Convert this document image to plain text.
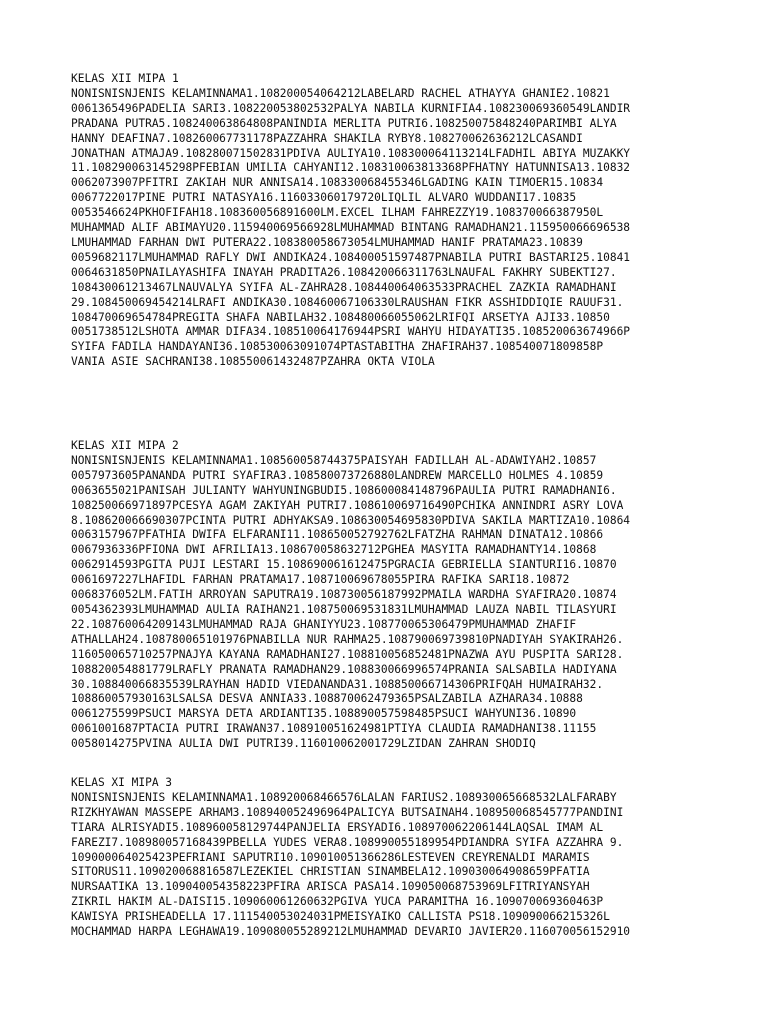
KELAS XII MIPA 1
NONISNISNJENIS KELAMINNAMA1.108200054064212LABELARD RACHEL ATHAYYA GHANIE2.10821
0061365496PADELIA SARI3.108220053802532PALYA NABILA KURNIFIA4.108230069360549LANDIR
PRADANA PUTRA5.108240063864808PANINDIA MERLITA PUTRI6.108250075848240PARIMBI ALYA
HANNY DEAFINA7.108260067731178PAZZAHRA SHAKILA RYBY8.108270062636212LCASANDI
JONATHAN ATMAJA9.108280071502831PDIVA AULIYA10.108300064113214LFADHIL ABIYA MUZAKKY
11.108290063145298PFEBIAN UMILIA CAHYANI12.108310063813368PFHATNY HATUNNISA13.10832
0062073907PFITRI ZAKIAH NUR ANNISA14.108330068455346LGADING KAIN TIMOER15.10834
0067722017PINE PUTRI NATASYA16.116033060179720LIQLIL ALVARO WUDDANI17.10835
0053546624PKHOFIFAH18.108360056891600LM.EXCEL ILHAM FAHREZZY19.108370066387950L
MUHAMMAD ALIF ABIMAYU20.115940069566928LMUHAMMAD BINTANG RAMADHAN21.115950066696538
LMUHAMMAD FARHAN DWI PUTERA22.108380058673054LMUHAMMAD HANIF PRATAMA23.10839
0059682117LMUHAMMAD RAFLY DWI ANDIKA24.108400051597487PNABILA PUTRI BASTARI25.10841
0064631850PNAILAYASHIFA INAYAH PRADITA26.108420066311763LNAUFAL FAKHRY SUBEKTI27.
108430061213467LNAUVALYA SYIFA AL-ZAHRA28.108440064063533PRACHEL ZAZKIA RAMADHANI
29.108450069454214LRAFI ANDIKA30.108460067106330LRAUSHAN FIKR ASSHIDDIQIE RAUUF31.
108470069654784PREGITA SHAFA NABILAH32.108480066055062LRIFQI ARSETYA AJI33.10850
0051738512LSHOTA AMMAR DIFA34.108510064176944PSRI WAHYU HIDAYATI35.108520063674966P
SYIFA FADILA HANDAYANI36.108530063091074PTASTABITHA ZHAFIRAH37.108540071809858P
VANIA ASIE SACHRANI38.108550061432487PZAHRA OKTA VIOLA
KELAS XII MIPA 2
NONISNISNJENIS KELAMINNAMA1.108560058744375PAISYAH FADILLAH AL-ADAWIYAH2.10857
0057973605PANANDA PUTRI SYAFIRA3.108580073726880LANDREW MARCELLO HOLMES 4.10859
0063655021PANISAH JULIANTY WAHYUNINGBUDI5.108600084148796PAULIA PUTRI RAMADHANI6.
108250066971897PCESYA AGAM ZAKIYAH PUTRI7.108610069716490PCHIKA ANNINDRI ASRY LOVA
8.108620066690307PCINTA PUTRI ADHYAKSA9.108630054695830PDIVA SAKILA MARTIZA10.10864
0063157967PFATHIA DWIFA ELFARANI11.108650052792762LFATZHA RAHMAN DINATA12.10866
0067936336PFIONA DWI AFRILIA13.108670058632712PGHEA MASYITA RAMADHANTY14.10868
0062914593PGITA PUJI LESTARI 15.108690061612475PGRACIA GEBRIELLA SIANTURI16.10870
0061697227LHAFIDL FARHAN PRATAMA17.108710069678055PIRA RAFIKA SARI18.10872
0068376052LM.FATIH ARROYAN SAPUTRA19.108730056187992PMAILA WARDHA SYAFIRA20.10874
0054362393LMUHAMMAD AULIA RAIHAN21.108750069531831LMUHAMMAD LAUZA NABIL TILASYURI
22.108760064209143LMUHAMMAD RAJA GHANIYYU23.108770065306479PMUHAMMAD ZHAFIF
ATHALLAH24.108780065101976PNABILLA NUR RAHMA25.108790069739810PNADIYAH SYAKIRAH26.
116050065710257PNAJYA KAYANA RAMADHANI27.108810056852481PNAZWA AYU PUSPITA SARI28.
108820054881779LRAFLY PRANATA RAMADHAN29.108830066996574PRANIA SALSABILA HADIYANA
30.108840066835539LRAYHAN HADID VIEDANANDA31.108850066714306PRIFQAH HUMAIRAH32.
108860057930163LSALSA DESVA ANNIA33.108870062479365PSALZABILA AZHARA34.10888
0061275599PSUCI MARSYA DETA ARDIANTI35.108890057598485PSUCI WAHYUNI36.10890
0061001687PTACIA PUTRI IRAWAN37.108910051624981PTIYA CLAUDIA RAMADHANI38.11155
0058014275PVINA AULIA DWI PUTRI39.116010062001729LZIDAN ZAHRAN SHODIQ
KELAS XI MIPA 3
NONISNISNJENIS KELAMINNAMA1.108920068466576LALAN FARIUS2.108930065668532LALFARABY
RIZKHYAWAN MASSEPE ARHAM3.108940052496964PALICYA BUTSAINAH4.108950068545777PANDINI
TIARA ALRISYADI5.108960058129744PANJELIA ERSYADI6.108970062206144LAQSAL IMAM AL
FAREZI7.108980057168439PBELLA YUDES VERA8.108990055189954PDIANDRA SYIFA AZZAHRA 9.
109000064025423PEFRIANI SAPUTRI10.109010051366286LESTEVEN CREYRENALDI MARAMIS
SITORUS11.109020068816587LEZEKIEL CHRISTIAN SINAMBELA12.109030064908659PFATIA
NURSAATIKA 13.109040054358223PFIRA ARISCA PASA14.109050068753969LFITRIYANSYAH
ZIKRIL HAKIM AL-DAISI15.109060061260632PGIVA YUCA PARAMITHA 16.109070069360463P
KAWISYA PRISHEADELLA 17.111540053024031PMEISYAIKO CALLISTA PS18.109090066215326L
MOCHAMMAD HARPA LEGHAWA19.109080055289212LMUHAMMAD DEVARIO JAVIER20.116070056152910
